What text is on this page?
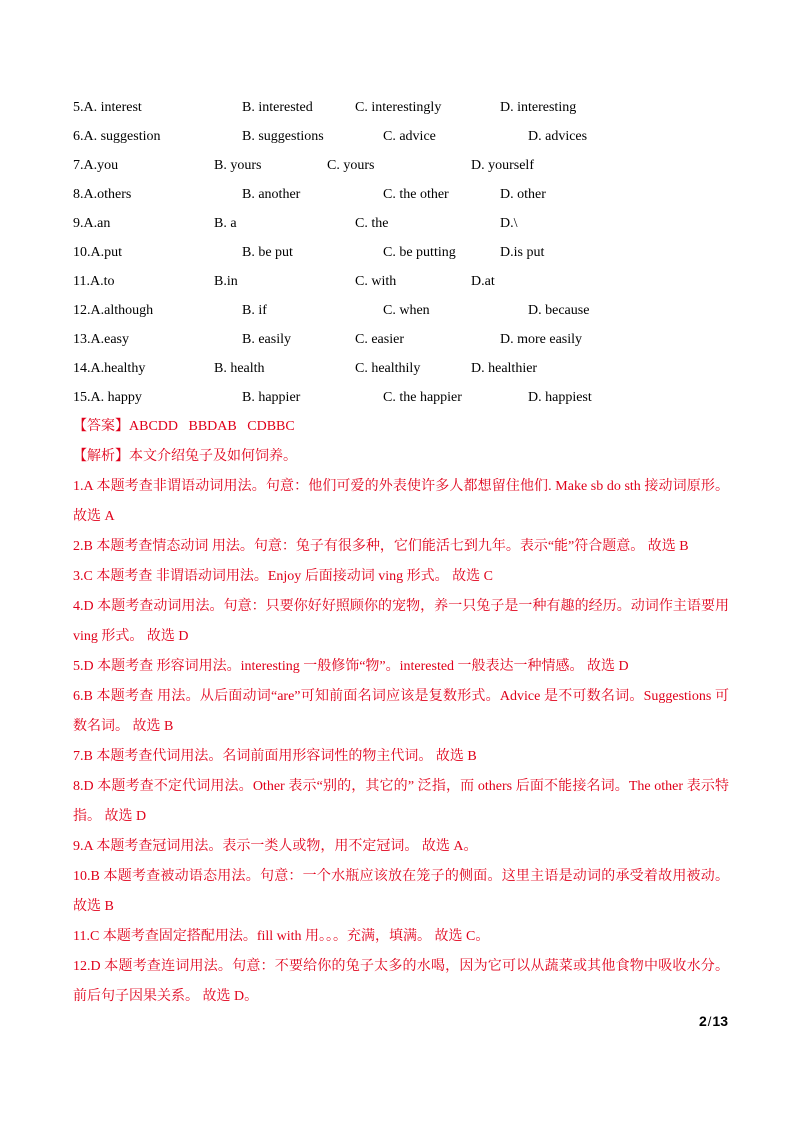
5.A. interest	B. interested	C. interestingly	D. interesting
6.A. suggestion	B. suggestions	C. advice	D. advices
7.A.you	B. yours	C. yours	D. yourself
8.A.others	B. another	C. the other	D. other
9.A.an	B. a	C. the	D.\
10.A.put	B. be put	C. be putting	D.is put
11.A.to	B.in	C. with	D.at
12.A.although	B. if	C. when	D. because
13.A.easy	B. easily	C. easier	D. more easily
14.A.healthy	B. health	C. healthily	D. healthier
15.A. happy	B. happier	C. the happier	D. happiest
【答案】ABCDD   BBDAB   CDBBC
【解析】本文介绍兔子及如何饲养。

1.A 本题考查非谓语动词用法。句意：他们可爱的外表使许多人都想留住他们. Make sb do sth 接动词原形。 故选 A

2.B 本题考查情态动词 用法。句意：兔子有很多种，它们能活七到九年。表示“能”符合题意。 故选 B

3.C 本题考查 非谓语动词用法。Enjoy 后面接动词 ving 形式。 故选 C

4.D 本题考查动词用法。句意：只要你好好照顾你的宠物，养一只兔子是一种有趣的经历。动词作主语要用 ving 形式。 故选 D

5.D 本题考查 形容词用法。interesting 一般修饰“物”。interested 一般表达一种情感。 故选 D

6.B 本题考查 用法。从后面动词“are”可知前面名词应该是复数形式。Advice 是不可数名词。Suggestions 可数名词。 故选 B

7.B 本题考查代词用法。名词前面用形容词性的物主代词。 故选 B

8.D 本题考查不定代词用法。Other 表示“别的，其它的” 泛指，而 others 后面不能接名词。The other 表示特指。 故选 D

9.A 本题考查冠词用法。表示一类人或物，用不定冠词。 故选 A。

10.B 本题考查被动语态用法。句意：一个水瓶应该放在笼子的侧面。这里主语是动词的承受着故用被动。 故选 B

11.C 本题考查固定搭配用法。fill with 用。。。充满，填满。 故选 C。

12.D 本题考查连词用法。句意：不要给你的兔子太多的水喝，因为它可以从蔬菜或其他食物中吸收水分。前后句子因果关系。 故选 D。

2/13
